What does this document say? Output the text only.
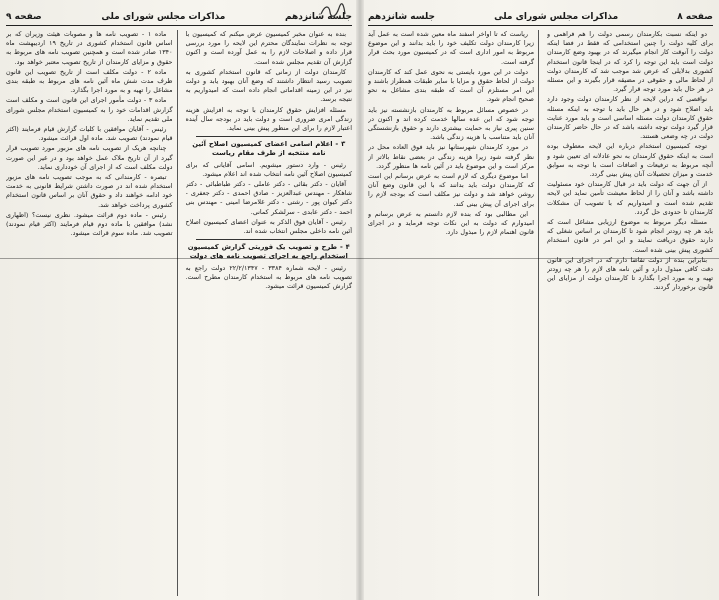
صفحه ۸
مذاکرات مجلس شورای ملی
جلسه شانزدهم

دو اینکه نسبت بکارمندان رسمی دولت را هم فراهمی و برای کلیه دولت را چنین استخدامی که فقط در فضا اینکه دولت را آنوقت کار انجام میگیرند که در بهبود وضع کارمندان دولت است باید این توجه را کرد که در اینجا قانون استخدام کشوری بدلایلی که عرض شد موجب شد که کارمندان دولت از لحاظ مالی و حقوقی در مضیقه قرار بگیرند و این مسئله در هر حال باید مورد توجه قرار گیرد.

نواقصی که دراین لایحه از نظر کارمندان دولت وجود دارد باید اصلاح شود و در هر حال باید با توجه به اینکه مسئله حقوق کارمندان دولت مسئله اساسی است و باید مورد عنایت قرار گیرد دولت توجه داشته باشد که در حال حاضر کارمندان دولت در چه وضعی هستند.

توجه کمیسیون استخدام درباره این لایحه معطوف بوده است به اینکه حقوق کارمندان به نحو عادلانه ای تعیین شود و آنچه مربوط به ترفیعات و اضافات است با توجه به سوابق خدمت و میزان تحصیلات آنان پیش بینی گردد.

از آن جهت که دولت باید در قبال کارمندان خود مسئولیت داشته باشد و آنان را از لحاظ معیشت تأمین نماید این لایحه تقدیم شده است و امیدواریم که با تصویب آن مشکلات کارمندان تا حدودی حل گردد.

مسئله دیگر مربوط به موضوع ارزیابی مشاغل است که باید هر چه زودتر انجام شود تا کارمندان بر اساس شغلی که دارند حقوق دریافت نمایند و این امر در قانون استخدام کشوری پیش بینی شده است.

بنابراین بنده از دولت تقاضا دارم که در اجرای این قانون دقت کافی مبذول دارد و آئین نامه های لازم را هر چه زودتر تهیه و به مورد اجرا بگذارد تا کارمندان دولت از مزایای این قانون برخوردار گردند.

ریاست که تا اواخر اسفند ماه معین شده است به عمل آید زیرا کارمندان دولت تکلیف خود را باید بدانند و این موضوع مربوط به امور اداری است که در کمیسیون مورد بحث قرار گرفته است.

دولت در این مورد بایستی به نحوی عمل کند که کارمندان دولت از لحاظ حقوق و مزایا با سایر طبقات همطراز باشند و این امر مستلزم آن است که طبقه بندی مشاغل به نحو صحیح انجام شود.

در خصوص مسائل مربوط به کارمندان بازنشسته نیز باید توجه شود که این عده سالها خدمت کرده اند و اکنون در سنین پیری نیاز به حمایت بیشتری دارند و حقوق بازنشستگی آنان باید متناسب با هزینه زندگی باشد.

در مورد کارمندان شهرستانها نیز باید فوق العاده محل در نظر گرفته شود زیرا هزینه زندگی در بعضی نقاط بالاتر از مرکز است و این موضوع باید در آئین نامه ها منظور گردد.

اما موضوع دیگری که لازم است به عرض برسانم این است که کارمندان دولت باید بدانند که با این قانون وضع آنان روشن خواهد شد و دولت نیز مکلف است که بودجه لازم را برای اجرای آن پیش بینی کند.

این مطالبی بود که بنده لازم دانستم به عرض برسانم و امیدوارم که دولت به این نکات توجه فرماید و در اجرای قانون اهتمام لازم را مبذول دارد.

جلسه شانزدهم
مذاکرات مجلس شورای ملی
صفحه ۹

بنده به عنوان مخبر کمیسیون عرض میکنم که کمیسیون با توجه به نظرات نمایندگان محترم این لایحه را مورد بررسی قرار داده و اصلاحات لازم را به عمل آورده است و اکنون گزارش آن تقدیم مجلس شده است.

کارمندان دولت از زمانی که قانون استخدام کشوری به تصویب رسید انتظار داشتند که وضع آنان بهبود یابد و دولت نیز در این زمینه اقداماتی انجام داده است که امیدواریم به نتیجه برسد.

مسئله افزایش حقوق کارمندان با توجه به افزایش هزینه زندگی امری ضروری است و دولت باید در بودجه سال آینده اعتبار لازم را برای این منظور پیش بینی نماید.

۳ - اعلام اسامی اعضای کمیسیون اصلاح آئین نامه منتخبه از طرف مقام ریاست

رئیس - وارد دستور میشویم. اسامی آقایانی که برای کمیسیون اصلاح آئین نامه انتخاب شده اند اعلام میشود.

آقایان - دکتر بقائی - دکتر عاملی - دکتر طباطبائی - دکتر شاهکار - مهندس عبدالعزیز - صادق احمدی - دکتر جعفری - دکتر کیوان پور - رشتی - دکتر غلامرضا امینی - مهندس بنی احمد - دکتر عابدی - سرلشکر کمانی.

رئیس - آقایان فوق الذکر به عنوان اعضای کمیسیون اصلاح آئین نامه داخلی مجلس انتخاب شده اند.

۴ - طرح و تصویب یک فوریتی گزارش کمیسیون استخدام راجع به اجرای تصویب نامه های دولت

رئیس - لایحه شماره ۳۳۸۴ - ۲۲/۲/۱۳۴۷ دولت راجع به تصویب نامه های مربوط به استخدام کارمندان مطرح است. گزارش کمیسیون قرائت میشود.

ماده ۱ - تصویب نامه ها و مصوبات هیئت وزیران که بر اساس قانون استخدام کشوری در تاریخ ۱۹ اردیبهشت ماه ۱۳۴۰ صادر شده است و همچنین تصویب نامه های مربوط به حقوق و مزایای کارمندان از تاریخ تصویب معتبر خواهد بود.

ماده ۲ - دولت مکلف است از تاریخ تصویب این قانون ظرف مدت شش ماه آئین نامه های مربوط به طبقه بندی مشاغل را تهیه و به مورد اجرا بگذارد.

ماده ۳ - دولت مأمور اجرای این قانون است و مکلف است گزارش اقدامات خود را به کمیسیون استخدام مجلس شورای ملی تقدیم نماید.

رئیس - آقایان موافقین با کلیات گزارش قیام فرمایند (اکثر قیام نمودند) تصویب شد. ماده اول قرائت میشود.

چنانچه هریک از تصویب نامه های مزبور مورد تصویب قرار گیرد از آن تاریخ ملاک عمل خواهد بود و در غیر این صورت دولت مکلف است که از اجرای آن خودداری نماید.

تبصره - کارمندانی که به موجب تصویب نامه های مزبور استخدام شده اند در صورت داشتن شرایط قانونی به خدمت خود ادامه خواهند داد و حقوق آنان بر اساس قانون استخدام کشوری پرداخت خواهد شد.

رئیس - ماده دوم قرائت میشود. نظری نیست؟ (اظهاری نشد) موافقین با ماده دوم قیام فرمایند (اکثر قیام نمودند) تصویب شد. ماده سوم قرائت میشود.
